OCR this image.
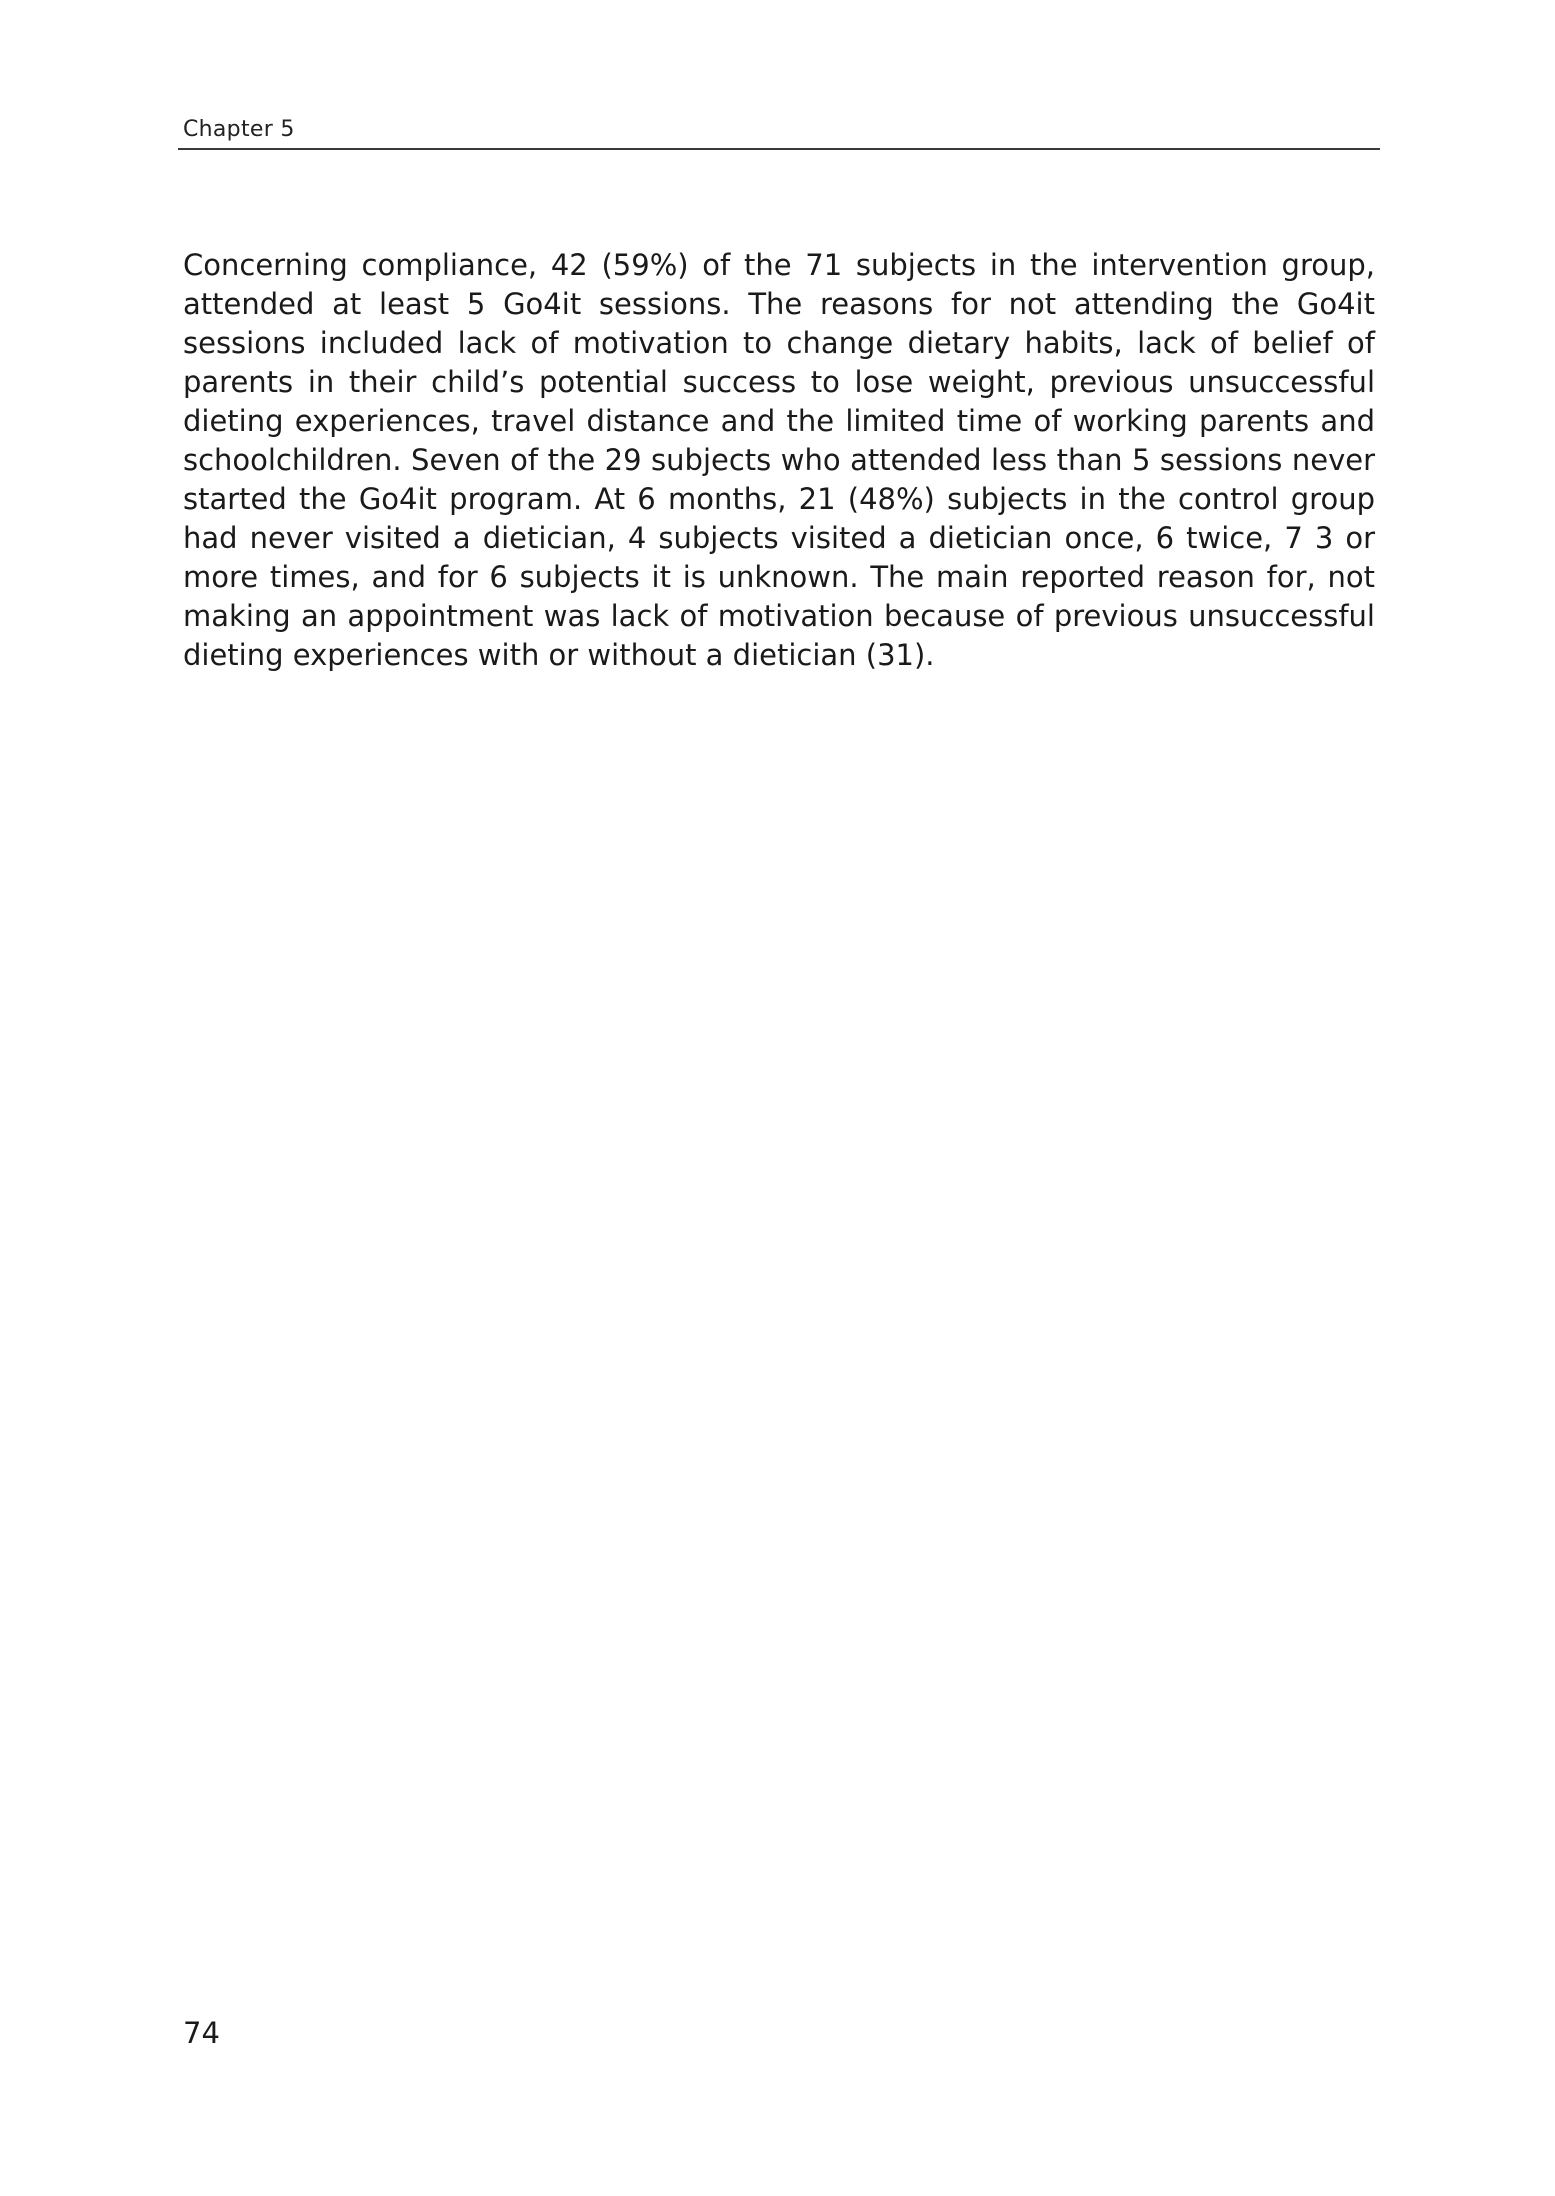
Chapter 5

Concerning compliance, 42 (59%) of the 71 subjects in the intervention group, attended at least 5 Go4it sessions. The reasons for not attending the Go4it sessions included lack of motivation to change dietary habits, lack of belief of parents in their child’s potential success to lose weight, previous unsuccessful dieting experiences, travel distance and the limited time of working parents and schoolchildren. Seven of the 29 subjects who attended less than 5 sessions never started the Go4it program. At 6 months, 21 (48%) subjects in the control group had never visited a dietician, 4 subjects visited a dietician once, 6 twice, 7 3 or more times, and for 6 subjects it is unknown. The main reported reason for, not making an appointment was lack of motivation because of previous unsuccessful dieting experiences with or without a dietician (31).

74
